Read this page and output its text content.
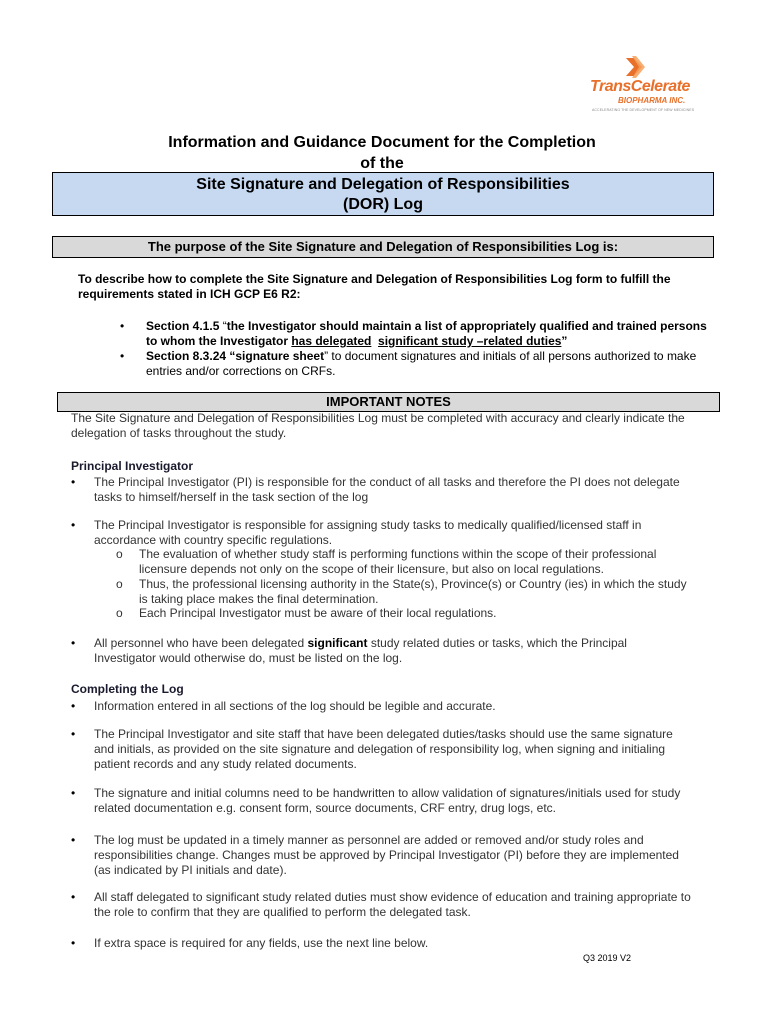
TransCelerate
BIOPHARMA INC.
ACCELERATING THE DEVELOPMENT OF NEW MEDICINES
Information and Guidance Document for the Completion
of the
Site Signature and Delegation of Responsibilities
(DOR) Log
The purpose of the Site Signature and Delegation of Responsibilities Log is:
To describe how to complete the Site Signature and Delegation of Responsibilities Log form to fulfill the requirements stated in ICH GCP E6 R2:
• Section 4.1.5 “the Investigator should maintain a list of appropriately qualified and trained persons to whom the Investigator has delegated significant study –related duties”
• Section 8.3.24 “signature sheet” to document signatures and initials of all persons authorized to make entries and/or corrections on CRFs.
IMPORTANT NOTES
The Site Signature and Delegation of Responsibilities Log must be completed with accuracy and clearly indicate the delegation of tasks throughout the study.
Principal Investigator
• The Principal Investigator (PI) is responsible for the conduct of all tasks and therefore the PI does not delegate tasks to himself/herself in the task section of the log
• The Principal Investigator is responsible for assigning study tasks to medically qualified/licensed staff in accordance with country specific regulations.
o The evaluation of whether study staff is performing functions within the scope of their professional licensure depends not only on the scope of their licensure, but also on local regulations.
o Thus, the professional licensing authority in the State(s), Province(s) or Country (ies) in which the study is taking place makes the final determination.
o Each Principal Investigator must be aware of their local regulations.
• All personnel who have been delegated significant study related duties or tasks, which the Principal Investigator would otherwise do, must be listed on the log.
Completing the Log
• Information entered in all sections of the log should be legible and accurate.
• The Principal Investigator and site staff that have been delegated duties/tasks should use the same signature and initials, as provided on the site signature and delegation of responsibility log, when signing and initialing patient records and any study related documents.
• The signature and initial columns need to be handwritten to allow validation of signatures/initials used for study related documentation e.g. consent form, source documents, CRF entry, drug logs, etc.
• The log must be updated in a timely manner as personnel are added or removed and/or study roles and responsibilities change. Changes must be approved by Principal Investigator (PI) before they are implemented (as indicated by PI initials and date).
• All staff delegated to significant study related duties must show evidence of education and training appropriate to the role to confirm that they are qualified to perform the delegated task.
• If extra space is required for any fields, use the next line below.
Q3 2019 V2
